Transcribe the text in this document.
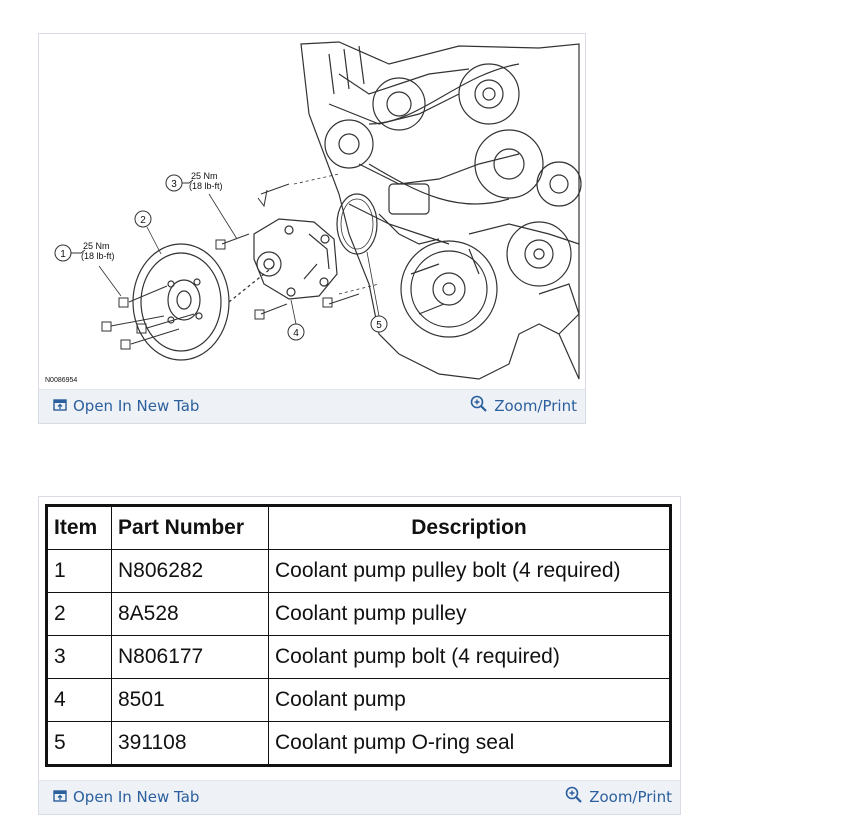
1
25 Nm
(18 lb-ft)
2
3
25 Nm
(18 lb-ft)
4
5
N0086954
Open In New Tab	Zoom/Print
Item	Part Number	Description
1	N806282	Coolant pump pulley bolt (4 required)
2	8A528	Coolant pump pulley
3	N806177	Coolant pump bolt (4 required)
4	8501	Coolant pump
5	391108	Coolant pump O-ring seal
Open In New Tab	Zoom/Print
